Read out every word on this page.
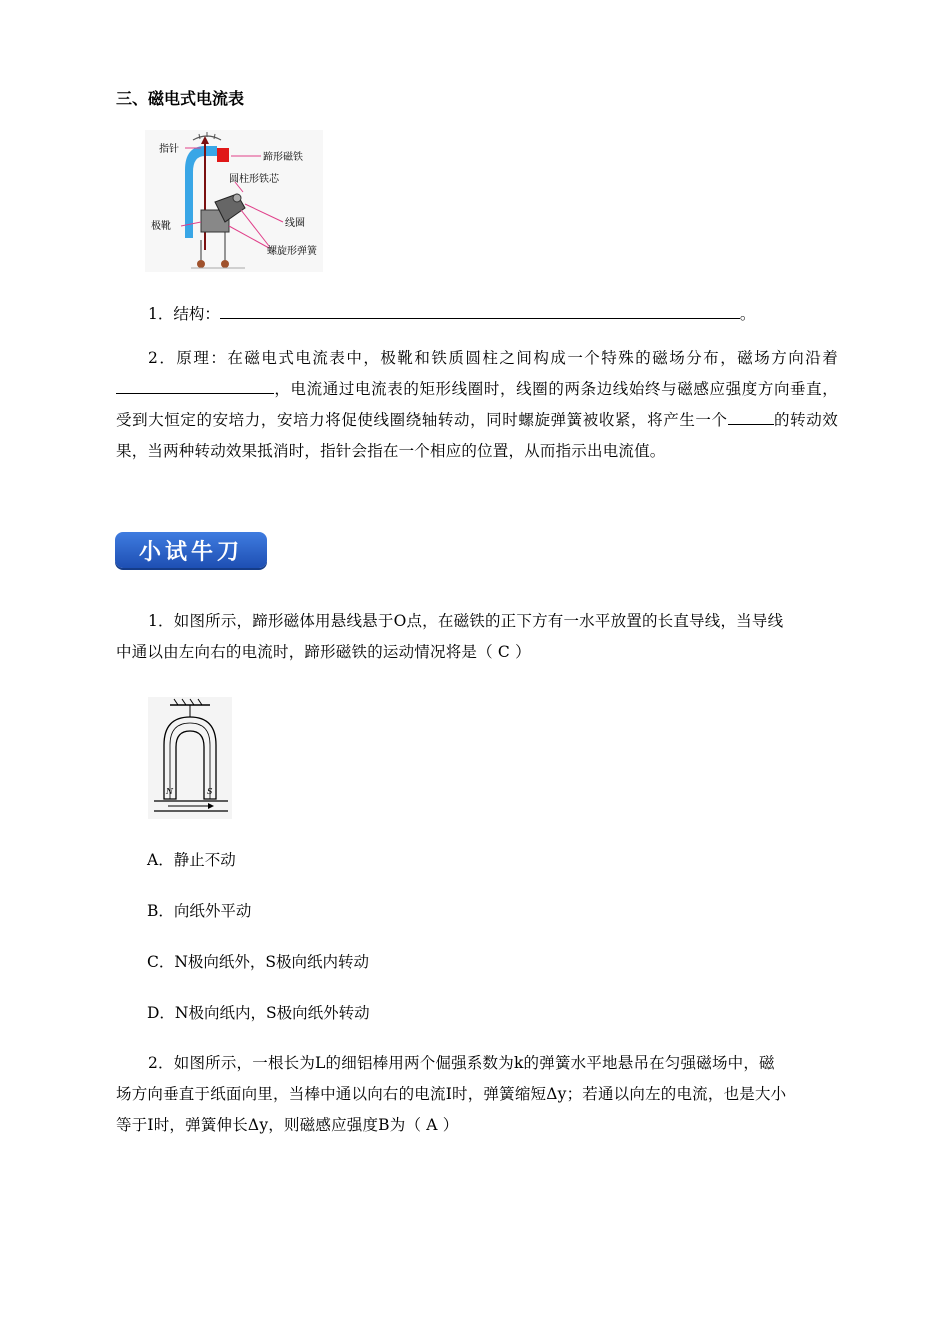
三、磁电式电流表
指针
蹄形磁铁
圆柱形铁芯
极靴	线圈
螺旋形弹簧
1．结构：	。
2．原理：在磁电式电流表中，极靴和铁质圆柱之间构成一个特殊的磁场分布，磁场方向沿着，电流通过电流表的矩形线圈时，线圈的两条边线始终与磁感应强度方向垂直，受到大恒定的安培力，安培力将促使线圈绕轴转动，同时螺旋弹簧被收紧，将产生一个	的转动效果，当两种转动效果抵消时，指针会指在一个相应的位置，从而指示出电流值。
小试牛刀
1．如图所示，蹄形磁体用悬线悬于O点，在磁铁的正下方有一水平放置的长直导线，当导线
中通以由左向右的电流时，蹄形磁铁的运动情况将是（ C ）
N	S
A．静止不动
B．向纸外平动
C．N极向纸外，S极向纸内转动
D．N极向纸内，S极向纸外转动
2．如图所示，一根长为L的细铝棒用两个倔强系数为k的弹簧水平地悬吊在匀强磁场中，磁
场方向垂直于纸面向里，当棒中通以向右的电流I时，弹簧缩短Δy；若通以向左的电流，也是大小
等于I时，弹簧伸长Δy，则磁感应强度B为（ A ）
